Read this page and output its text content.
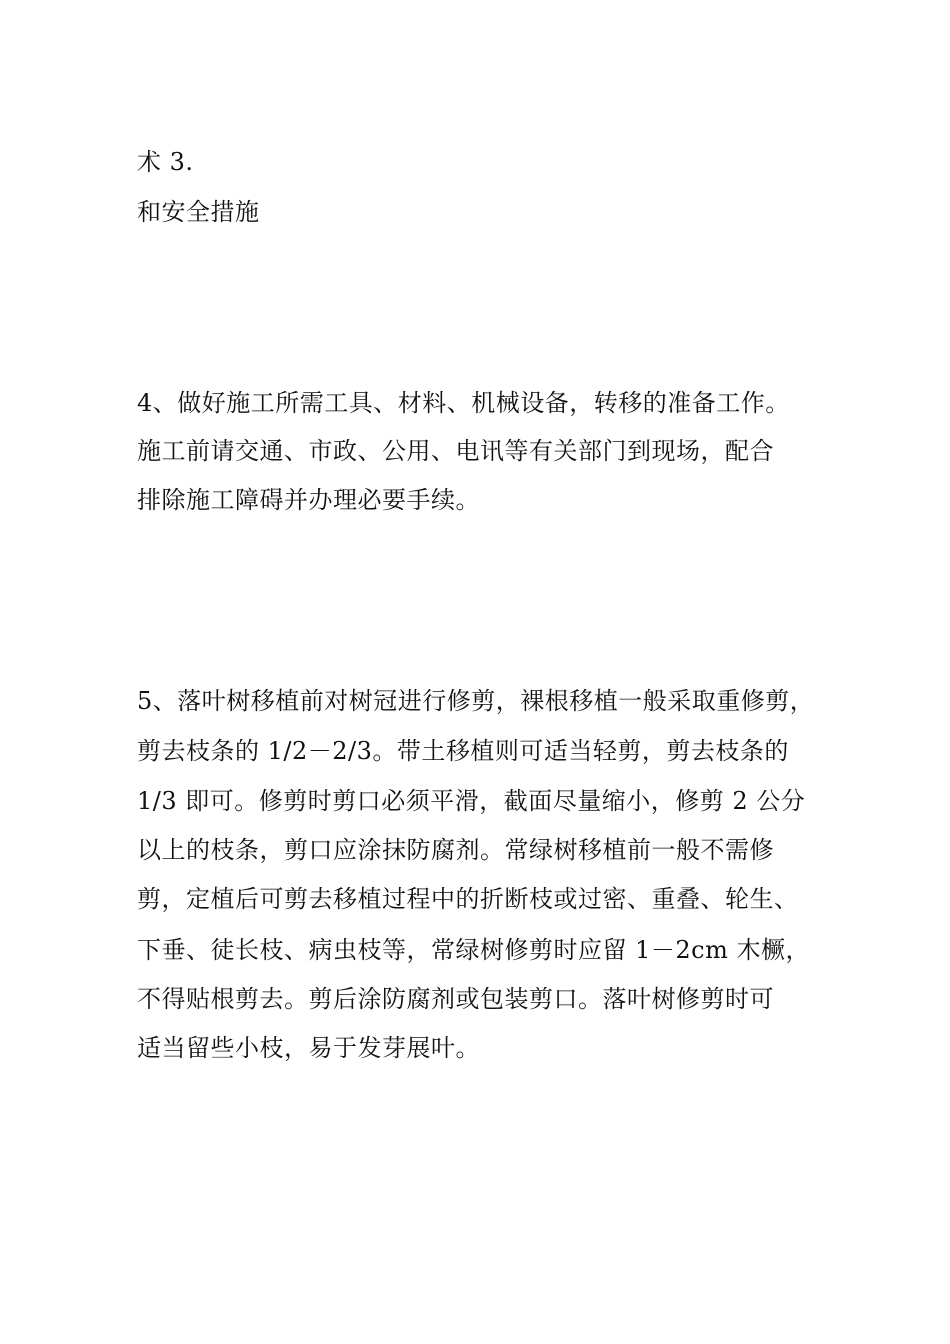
术 3.
和安全措施
4、做好施工所需工具、材料、机械设备，转移的准备工作。
施工前请交通、市政、公用、电讯等有关部门到现场，配合
排除施工障碍并办理必要手续。
5、落叶树移植前对树冠进行修剪，裸根移植一般采取重修剪，
剪去枝条的 1/2－2/3。带土移植则可适当轻剪，剪去枝条的
1/3 即可。修剪时剪口必须平滑，截面尽量缩小，修剪 2 公分
以上的枝条，剪口应涂抹防腐剂。常绿树移植前一般不需修
剪，定植后可剪去移植过程中的折断枝或过密、重叠、轮生、
下垂、徒长枝、病虫枝等，常绿树修剪时应留 1－2cm 木橛，
不得贴根剪去。剪后涂防腐剂或包装剪口。落叶树修剪时可
适当留些小枝，易于发芽展叶。
